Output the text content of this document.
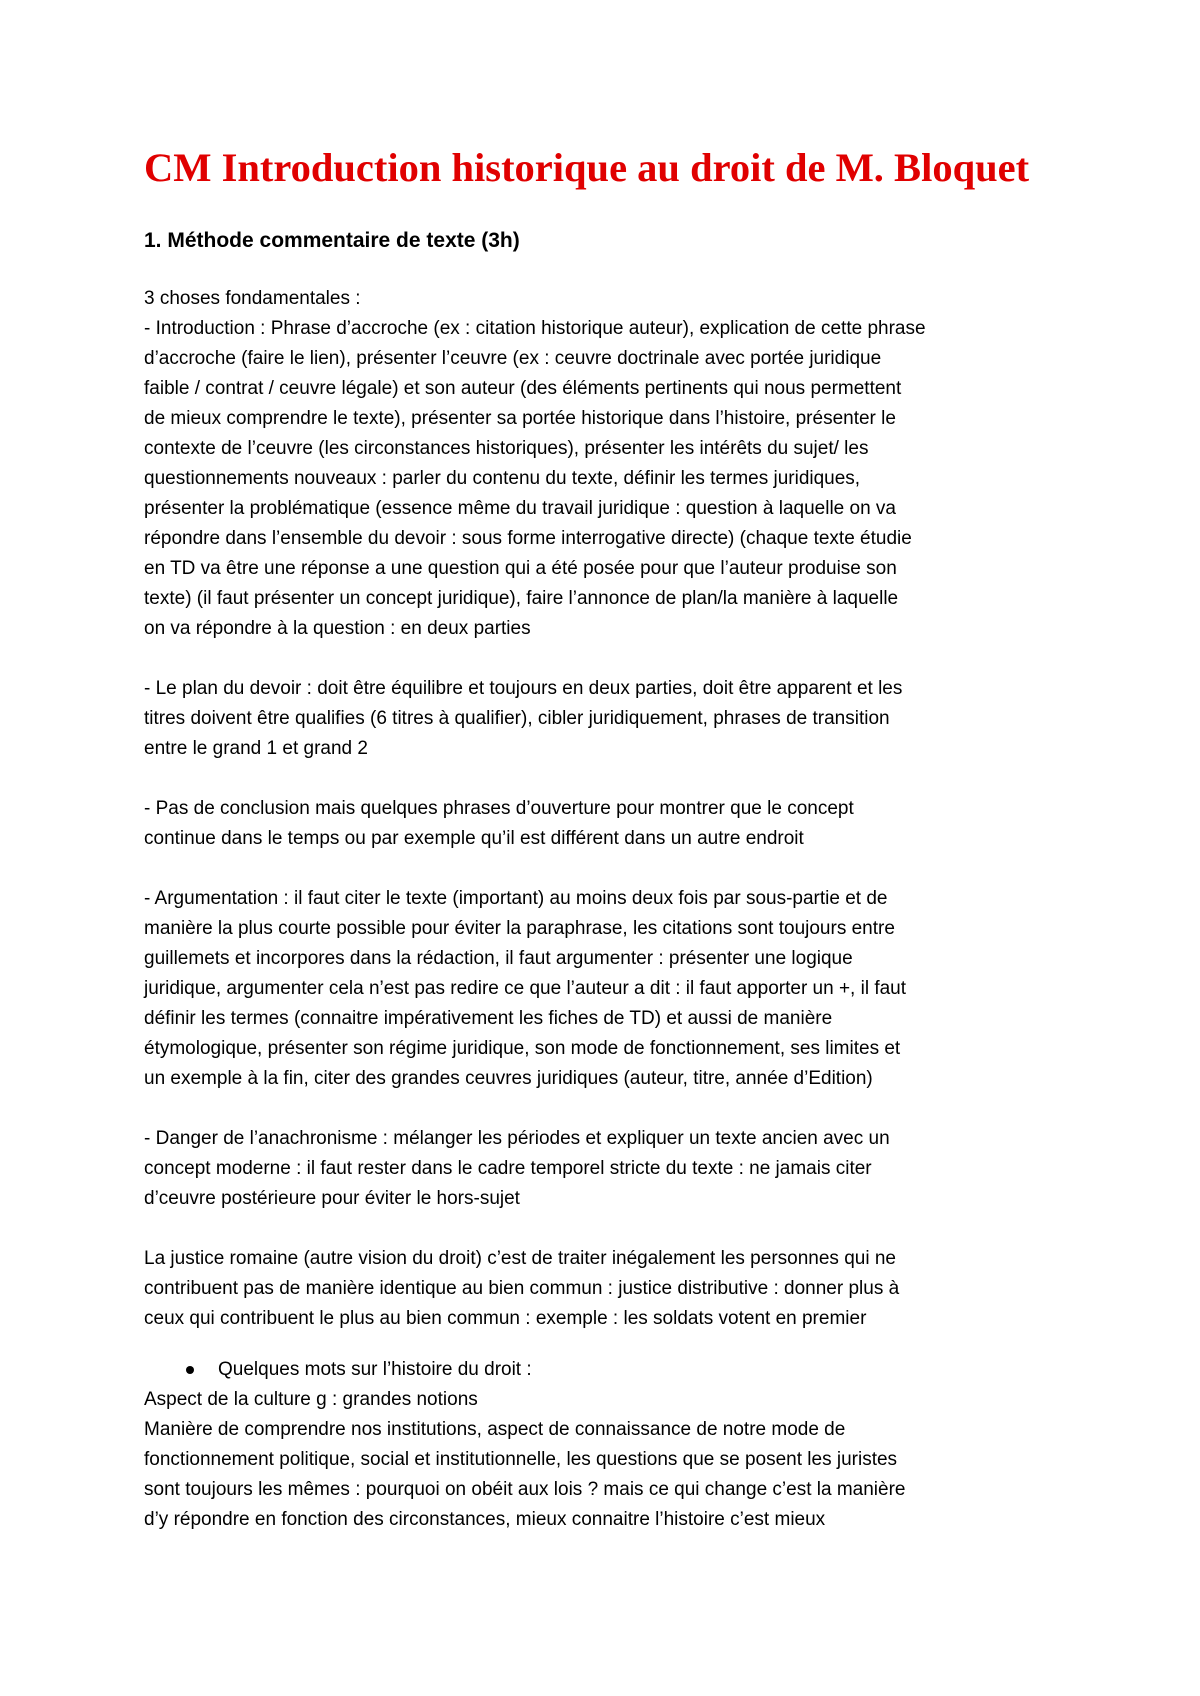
CM Introduction historique au droit de M. Bloquet
1. Méthode commentaire de texte (3h)

3 choses fondamentales :

- Introduction : Phrase d’accroche (ex : citation historique auteur), explication de cette phrase

d’accroche (faire le lien), présenter l’ceuvre (ex : ceuvre doctrinale avec portée juridique

faible / contrat / ceuvre légale) et son auteur (des éléments pertinents qui nous permettent

de mieux comprendre le texte), présenter sa portée historique dans l’histoire, présenter le

contexte de l’ceuvre (les circonstances historiques), présenter les intérêts du sujet/ les

questionnements nouveaux : parler du contenu du texte, définir les termes juridiques,

présenter la problématique (essence même du travail juridique : question à laquelle on va

répondre dans l’ensemble du devoir : sous forme interrogative directe) (chaque texte étudie

en TD va être une réponse a une question qui a été posée pour que l’auteur produise son

texte) (il faut présenter un concept juridique), faire l’annonce de plan/la manière à laquelle

on va répondre à la question : en deux parties

- Le plan du devoir : doit être équilibre et toujours en deux parties, doit être apparent et les

titres doivent être qualifies (6 titres à qualifier), cibler juridiquement, phrases de transition

entre le grand 1 et grand 2

- Pas de conclusion mais quelques phrases d’ouverture pour montrer que le concept

continue dans le temps ou par exemple qu’il est différent dans un autre endroit

- Argumentation : il faut citer le texte (important) au moins deux fois par sous-partie et de

manière la plus courte possible pour éviter la paraphrase, les citations sont toujours entre

guillemets et incorpores dans la rédaction, il faut argumenter : présenter une logique

juridique, argumenter cela n’est pas redire ce que l’auteur a dit : il faut apporter un +, il faut

définir les termes (connaitre impérativement les fiches de TD) et aussi de manière

étymologique, présenter son régime juridique, son mode de fonctionnement, ses limites et

un exemple à la fin, citer des grandes ceuvres juridiques (auteur, titre, année d’Edition)

- Danger de l’anachronisme : mélanger les périodes et expliquer un texte ancien avec un

concept moderne : il faut rester dans le cadre temporel stricte du texte : ne jamais citer

d’ceuvre postérieure pour éviter le hors-sujet

La justice romaine (autre vision du droit) c’est de traiter inégalement les personnes qui ne

contribuent pas de manière identique au bien commun : justice distributive : donner plus à

ceux qui contribuent le plus au bien commun : exemple : les soldats votent en premier

Quelques mots sur l’histoire du droit :

Aspect de la culture g : grandes notions

Manière de comprendre nos institutions, aspect de connaissance de notre mode de

fonctionnement politique, social et institutionnelle, les questions que se posent les juristes

sont toujours les mêmes : pourquoi on obéit aux lois ? mais ce qui change c’est la manière

d’y répondre en fonction des circonstances, mieux connaitre l’histoire c’est mieux
